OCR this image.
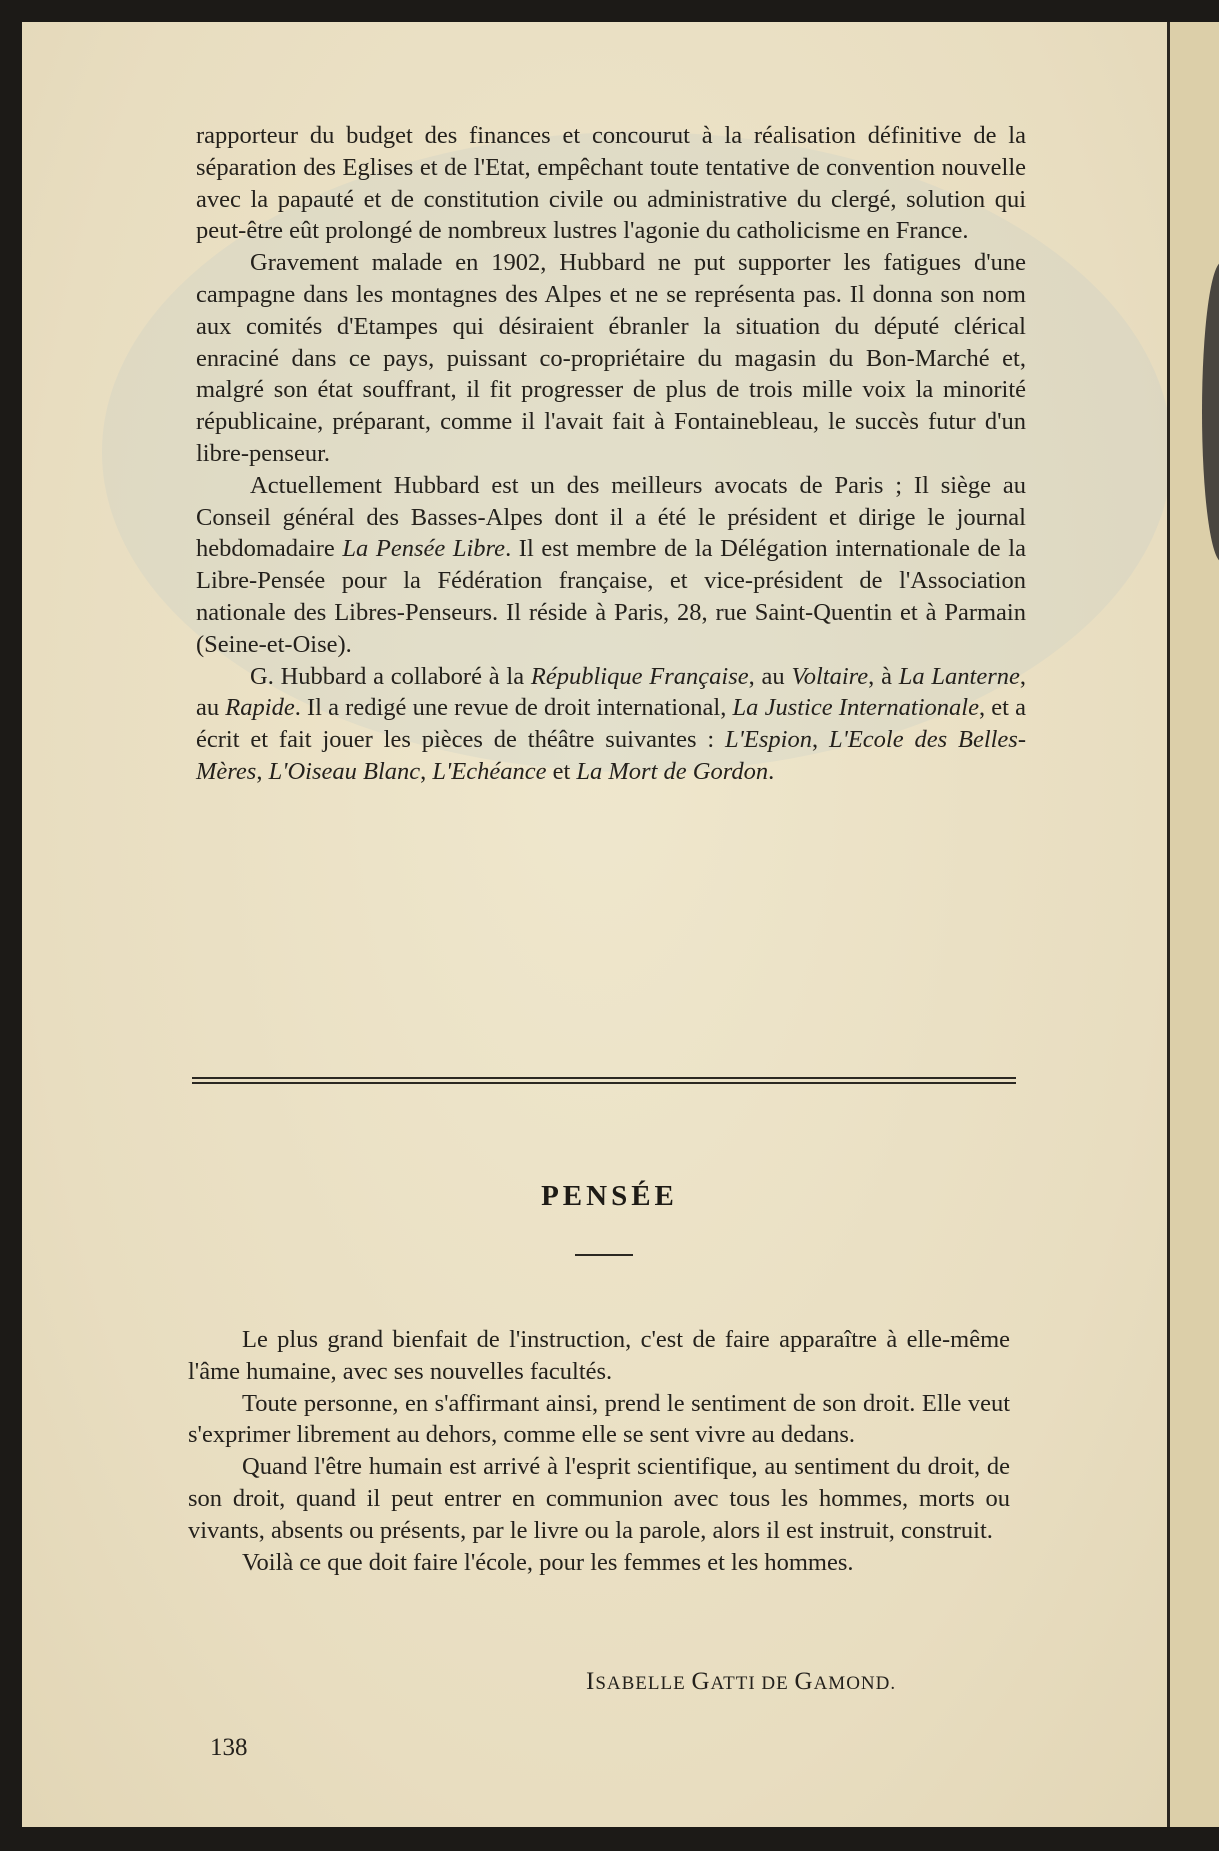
rapporteur du budget des finances et concourut à la réalisation définitive de la séparation des Eglises et de l'Etat, empêchant toute tentative de convention nouvelle avec la papauté et de constitution civile ou administrative du clergé, solution qui peut-être eût prolongé de nombreux lustres l'agonie du catholicisme en France.

Gravement malade en 1902, Hubbard ne put supporter les fatigues d'une campagne dans les montagnes des Alpes et ne se représenta pas. Il donna son nom aux comités d'Etampes qui désiraient ébranler la situation du député clérical enraciné dans ce pays, puissant co-propriétaire du magasin du Bon-Marché et, malgré son état souffrant, il fit progresser de plus de trois mille voix la minorité républicaine, préparant, comme il l'avait fait à Fontainebleau, le succès futur d'un libre-penseur.

Actuellement Hubbard est un des meilleurs avocats de Paris ; Il siège au Conseil général des Basses-Alpes dont il a été le président et dirige le journal hebdomadaire La Pensée Libre. Il est membre de la Délégation internationale de la Libre-Pensée pour la Fédération française, et vice-président de l'Association nationale des Libres-Penseurs. Il réside à Paris, 28, rue Saint-Quentin et à Parmain (Seine-et-Oise).

G. Hubbard a collaboré à la République Française, au Voltaire, à La Lanterne, au Rapide. Il a redigé une revue de droit international, La Justice Internationale, et a écrit et fait jouer les pièces de théâtre suivantes : L'Espion, L'Ecole des Belles-Mères, L'Oiseau Blanc, L'Echéance et La Mort de Gordon.

PENSÉE

Le plus grand bienfait de l'instruction, c'est de faire apparaître à elle-même l'âme humaine, avec ses nouvelles facultés.

Toute personne, en s'affirmant ainsi, prend le sentiment de son droit. Elle veut s'exprimer librement au dehors, comme elle se sent vivre au dedans.

Quand l'être humain est arrivé à l'esprit scientifique, au sentiment du droit, de son droit, quand il peut entrer en communion avec tous les hommes, morts ou vivants, absents ou présents, par le livre ou la parole, alors il est instruit, construit.

Voilà ce que doit faire l'école, pour les femmes et les hommes.

ISABELLE GATTI DE GAMOND.
138
